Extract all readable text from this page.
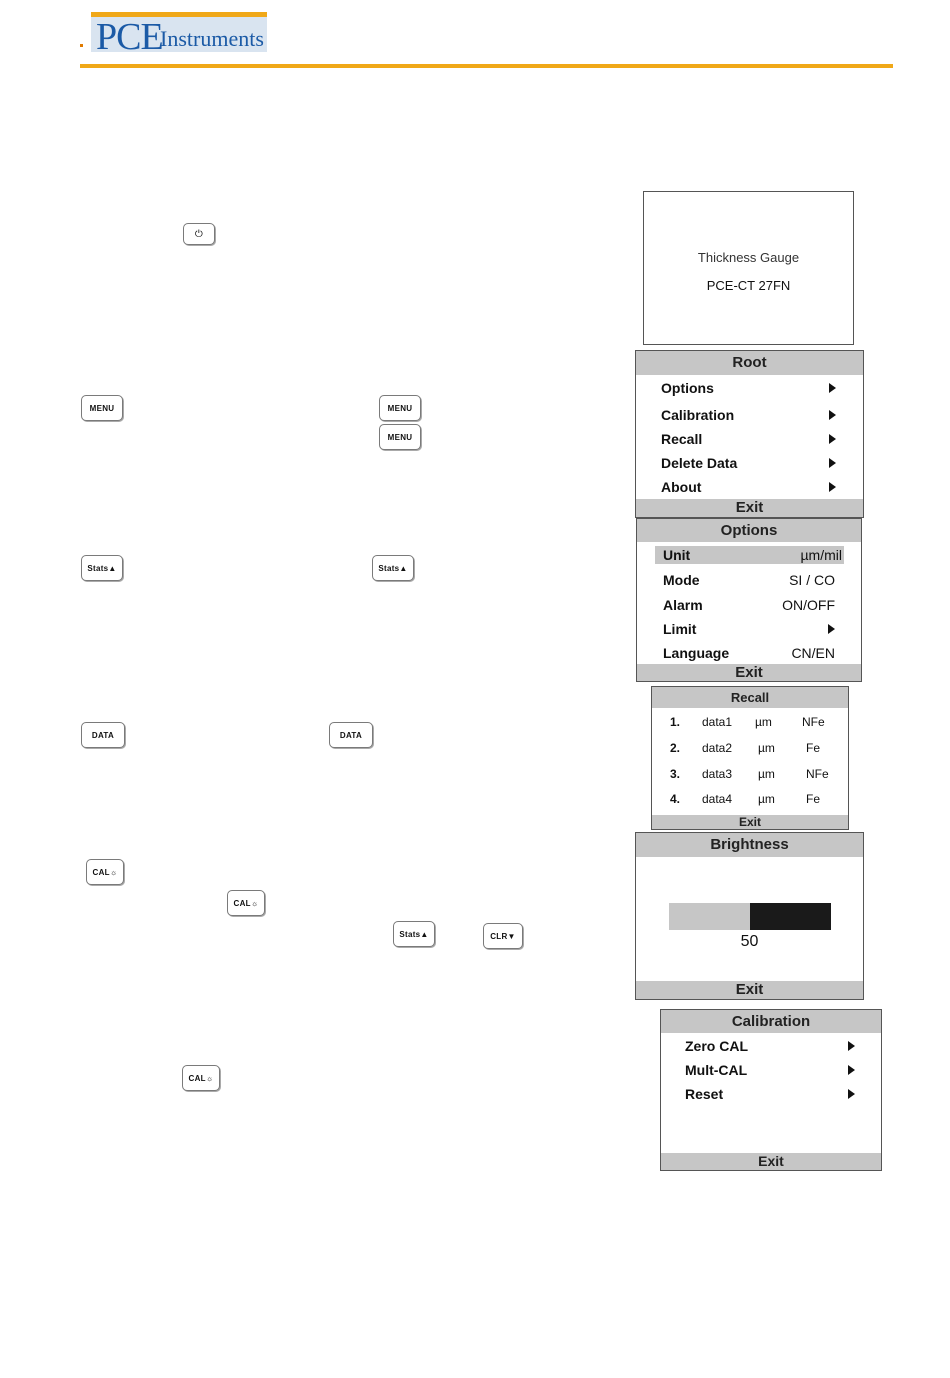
PCE
Instruments
⏻
MENU	MENU
MENU
Stats▲	Stats▲
DATA	DATA
CAL☼
CAL☼
Stats▲	CLR▼
CAL☼
Thickness Gauge
PCE-CT 27FN
Root
Options
Calibration
Recall
Delete Data
About
Exit
Options
Unit	µm/mil
Mode	SI / CO
Alarm	ON/OFF
Limit
Language	CN/EN
Exit
Recall
1. data1 µm	NFe
2. data2 µm	Fe
3. data3 µm	NFe
4. data4 µm	Fe
Exit
Brightness
50
Exit
Calibration
Zero CAL
Mult-CAL
Reset
Exit
